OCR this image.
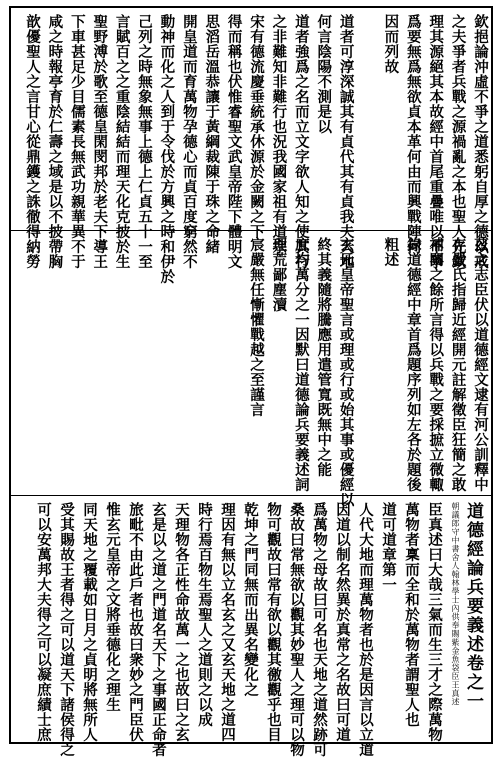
欽挹論沖虛不爭之道悉躬自厚之德以戒
之夫爭者兵戰之源禍亂之本也聖人先欽
理其源絕其本故經中首尾重疊唯以不爭
爲要無爲無欲貞本革何由而興戰陣何
因而列故
道者可淳深誠其有貞代其有貞我夫天地
何言陰陽不測是以
道者強爲之名而立文字欲人知之使其行
之非難知非難行也況我國家祖有道宗
宋有德流慶垂統承休源於金闕之下
得而稱也伏惟睿聖文武皇帝陛下體明文
思滔岳溫恭讓于黃綱裁陳于珠之命緒
開皇道而育萬物孕德心而貞百度窮然不
動神而化之人到于令伐於方興之時和伊於
己列之時無象無事上德上仁貞五十一至
言賦百之之重陰結結而理天化克披於生
聖野溥於歌至德皇閑閔邦於老夫下導王
下車甚足少目儒素長無武功親華異不于
咸之時報亭育於仁壽之域是以不披帶胸
歆優聖人之言甘心從鼎鑊之誅徹得納勞
茲之志臣伏以道德經文逮有河公訓釋中
存嚴氏指歸近經開元註解徵臣狂簡之敢
補闕之餘所言得以兵戰之要採摭立微輙
錄道德經中章首爲題序列如左各於題後
粗述
玄元皇帝聖言或理或行或始其事或優經以
終其義隨將騰應用遣管寬既無中之能
庶均萬分之一因默曰道德論兵要義述詞
理荒鄙塵瀆
宸嚴無任慚懼戰越之至謹言
道德經論兵要義述卷之一
朝議郎守中書舍人翰林學士內供奉賜紫金魚袋臣王真述
臣真述曰大哉三氣而生三才之際萬物
萬物者稟而全和於萬物者謂聖人也
道可道章第一
人代大地而理萬物者也於是因言以立道
因道以制名然異於真常之名故曰可道
爲萬物之母故曰可名也天地之道然跡可
桑故曰常無欲以觀其妙聖人之理可以物
物可觀故曰常有欲以觀其徼觀乎也目
乾坤之門同無而出異名變化之
理因有無以立名玄之又玄天地之道四
時行焉百物生焉聖人之道則之以成
天理物各正性命故萬一之也故曰之玄
玄是以之道之門道名天下之事國正命者
旅毗不由此戶者也故曰衆妙之門臣伏
惟玄元皇帝之文將垂德化之理生
同天地之覆載如日月之貞明將無所人
受其賜故王者得之可以道天下諸侯得之
可以安萬邦大夫得之可以凝庶績士庶
